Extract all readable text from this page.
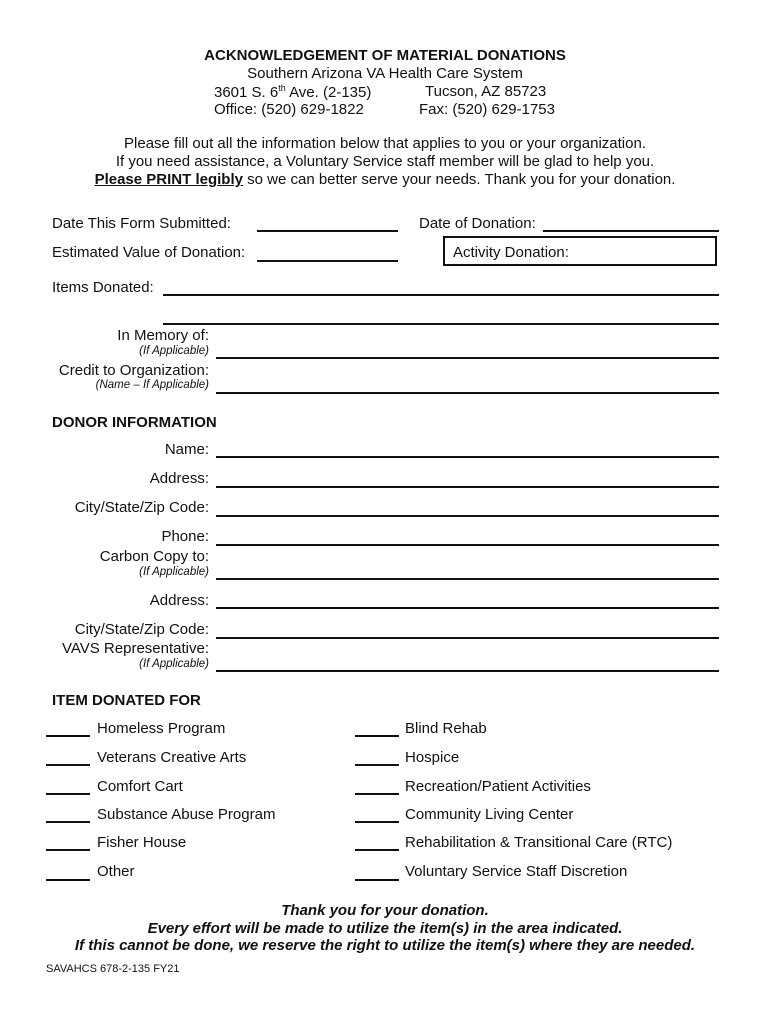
ACKNOWLEDGEMENT OF MATERIAL DONATIONS
Southern Arizona VA Health Care System
3601 S. 6th Ave. (2-135)	Tucson, AZ 85723
Office: (520) 629-1822	Fax: (520) 629-1753
Please fill out all the information below that applies to you or your organization.
If you need assistance, a Voluntary Service staff member will be glad to help you.
Please PRINT legibly so we can better serve your needs. Thank you for your donation.
Date This Form Submitted:	Date of Donation:
Estimated Value of Donation:	Activity Donation:
Items Donated:
In Memory of:
(If Applicable)
Credit to Organization:
(Name – If Applicable)
DONOR INFORMATION
Name:
Address:
City/State/Zip Code:
Phone:
Carbon Copy to:
(If Applicable)
Address:
City/State/Zip Code:
VAVS Representative:
(If Applicable)
ITEM DONATED FOR
Homeless Program
Veterans Creative Arts
Comfort Cart
Substance Abuse Program
Fisher House
Other
Blind Rehab
Hospice
Recreation/Patient Activities
Community Living Center
Rehabilitation & Transitional Care (RTC)
Voluntary Service Staff Discretion
Thank you for your donation.
Every effort will be made to utilize the item(s) in the area indicated.
If this cannot be done, we reserve the right to utilize the item(s) where they are needed.
SAVAHCS 678-2-135 FY21
